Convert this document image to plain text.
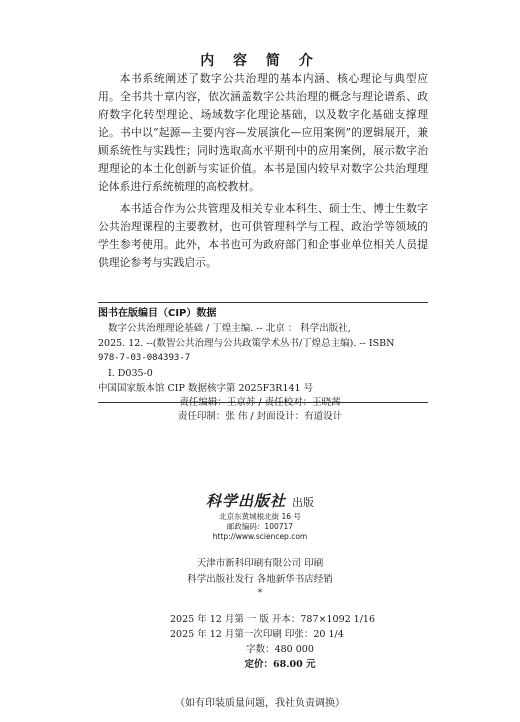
内 容 简 介

本书系统阐述了数字公共治理的基本内涵、核心理论与典型应用。全书共十章内容，依次涵盖数字公共治理的概念与理论谱系、政府数字化转型理论、场域数字化理论基础，以及数字化基础支撑理论。书中以“起源—主要内容—发展演化—应用案例”的逻辑展开，兼顾系统性与实践性；同时选取高水平期刊中的应用案例，展示数字治理理论的本土化创新与实证价值。本书是国内较早对数字公共治理理论体系进行系统梳理的高校教材。

本书适合作为公共管理及相关专业本科生、硕士生、博士生数字公共治理课程的主要教材，也可供管理科学与工程、政治学等领域的学生参考使用。此外，本书也可为政府部门和企事业单位相关人员提供理论参考与实践启示。

图书在版编目（CIP）数据
数字公共治理理论基础 / 丁煌主编. -- 北京 ： 科学出版社,
2025. 12. --(数智公共治理与公共政策学术丛书/丁煌总主编). -- ISBN
978-7-03-084393-7
Ⅰ. D035-0
中国国家版本馆 CIP 数据核字第 2025F3R141 号
责任编辑：王京苏 / 责任校对：王晓茜
责任印制：张 伟 / 封面设计：有道设计
科学出版社 出版
北京东黄城根北街 16 号
邮政编码：100717
http://www.sciencep.com
天津市新科印刷有限公司 印刷
科学出版社发行 各地新华书店经销
*
2025 年 12 月第 一 版 开本：787×1092 1/16
2025 年 12 月第一次印刷 印张：20 1/4
字数：480 000
定价：68.00 元
（如有印装质量问题，我社负责调换）
